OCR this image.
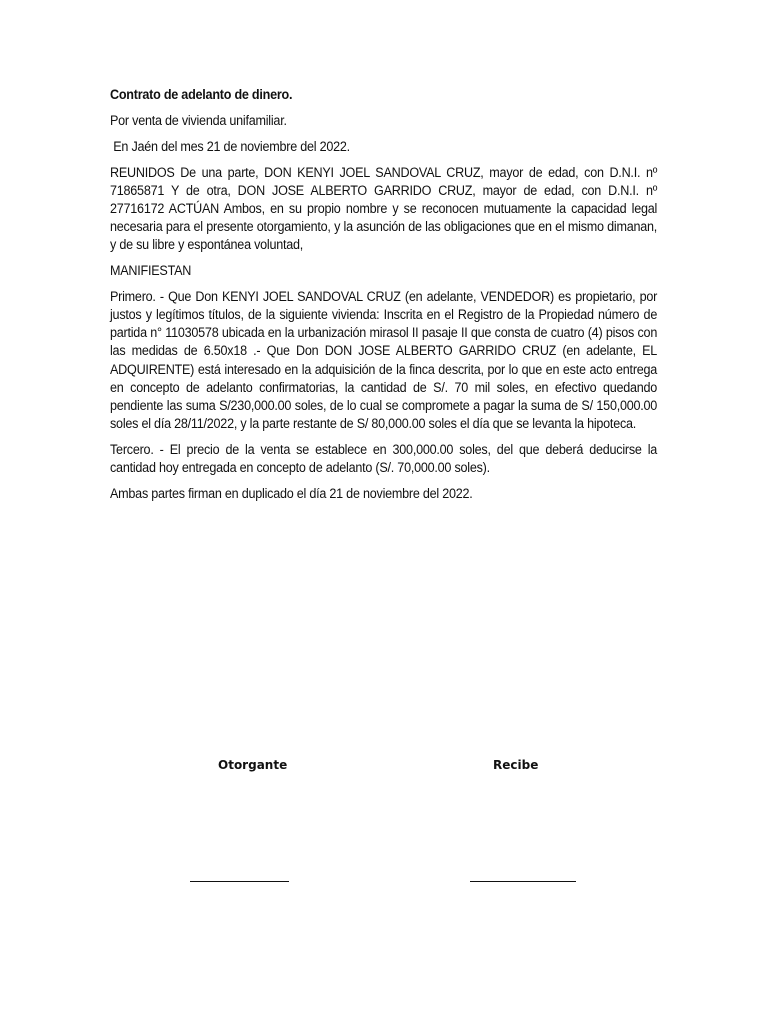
Contrato de adelanto de dinero.

Por venta de vivienda unifamiliar.

En Jaén del mes 21 de noviembre del 2022.

REUNIDOS De una parte, DON KENYI JOEL SANDOVAL CRUZ, mayor de edad, con D.N.I. nº 71865871 Y de otra, DON JOSE ALBERTO GARRIDO CRUZ, mayor de edad, con D.N.I. nº 27716172 ACTÚAN Ambos, en su propio nombre y se reconocen mutuamente la capacidad legal necesaria para el presente otorgamiento, y la asunción de las obligaciones que en el mismo dimanan, y de su libre y espontánea voluntad,

MANIFIESTAN

Primero. - Que Don KENYI JOEL SANDOVAL CRUZ (en adelante, VENDEDOR) es propietario, por justos y legítimos títulos, de la siguiente vivienda: Inscrita en el Registro de la Propiedad número de partida n° 11030578 ubicada en la urbanización mirasol II pasaje II que consta de cuatro (4) pisos con las medidas de 6.50x18 .- Que Don DON JOSE ALBERTO GARRIDO CRUZ (en adelante, EL ADQUIRENTE) está interesado en la adquisición de la finca descrita, por lo que en este acto entrega en concepto de adelanto confirmatorias, la cantidad de S/. 70 mil soles, en efectivo quedando pendiente las suma S/230,000.00 soles, de lo cual se compromete a pagar la suma de S/ 150,000.00 soles el día 28/11/2022, y la parte restante de S/ 80,000.00 soles el día que se levanta la hipoteca.

Tercero. - El precio de la venta se establece en 300,000.00 soles, del que deberá deducirse la cantidad hoy entregada en concepto de adelanto (S/. 70,000.00 soles).

Ambas partes firman en duplicado el día 21 de noviembre del 2022.

Otorgante	Recibe
